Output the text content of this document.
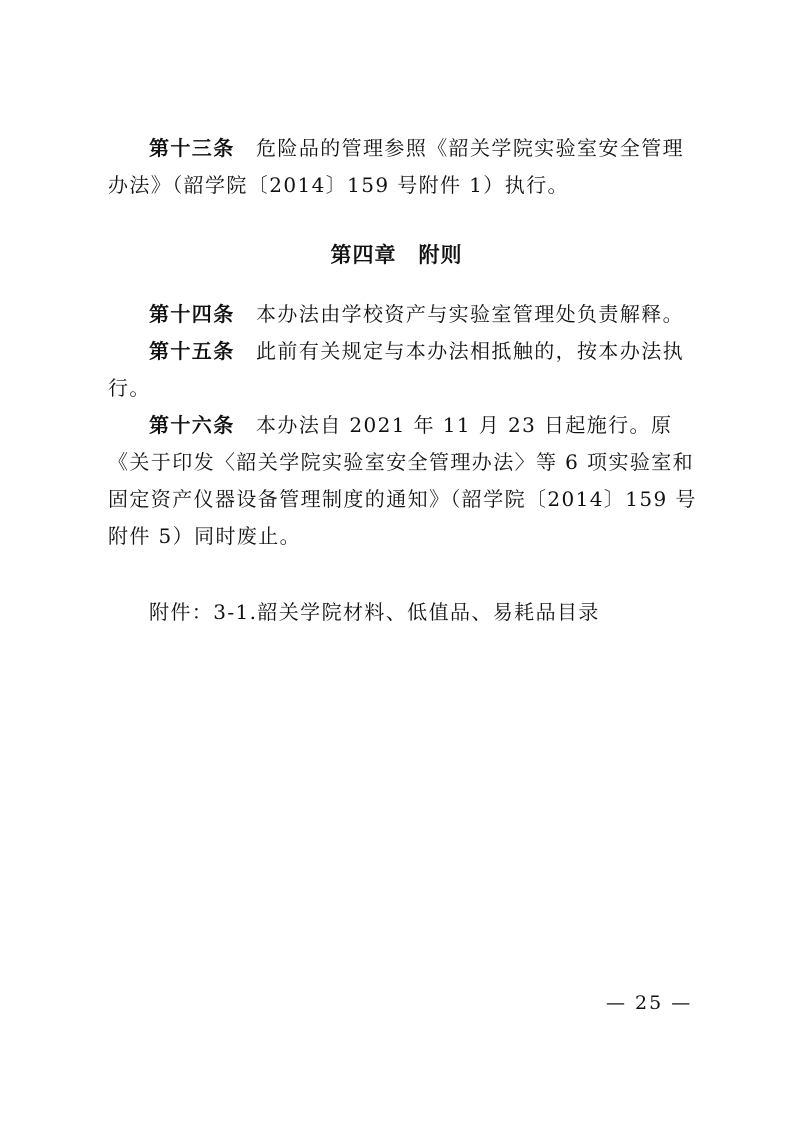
第十三条　 危险品的管理参照《韶关学院实验室安全管理办法》（韶学院〔2014〕159 号附件 1）执行。

第四章　附则

第十四条　 本办法由学校资产与实验室管理处负责解释。

第十五条　 此前有关规定与本办法相抵触的，按本办法执行。

第十六条　 本办法自 2021 年 11 月 23 日起施行。原《关于印发〈韶关学院实验室安全管理办法〉等 6 项实验室和固定资产仪器设备管理制度的通知》（韶学院〔2014〕159 号附件 5）同时废止。

附件：3-1.韶关学院材料、低值品、易耗品目录
— 25 —
